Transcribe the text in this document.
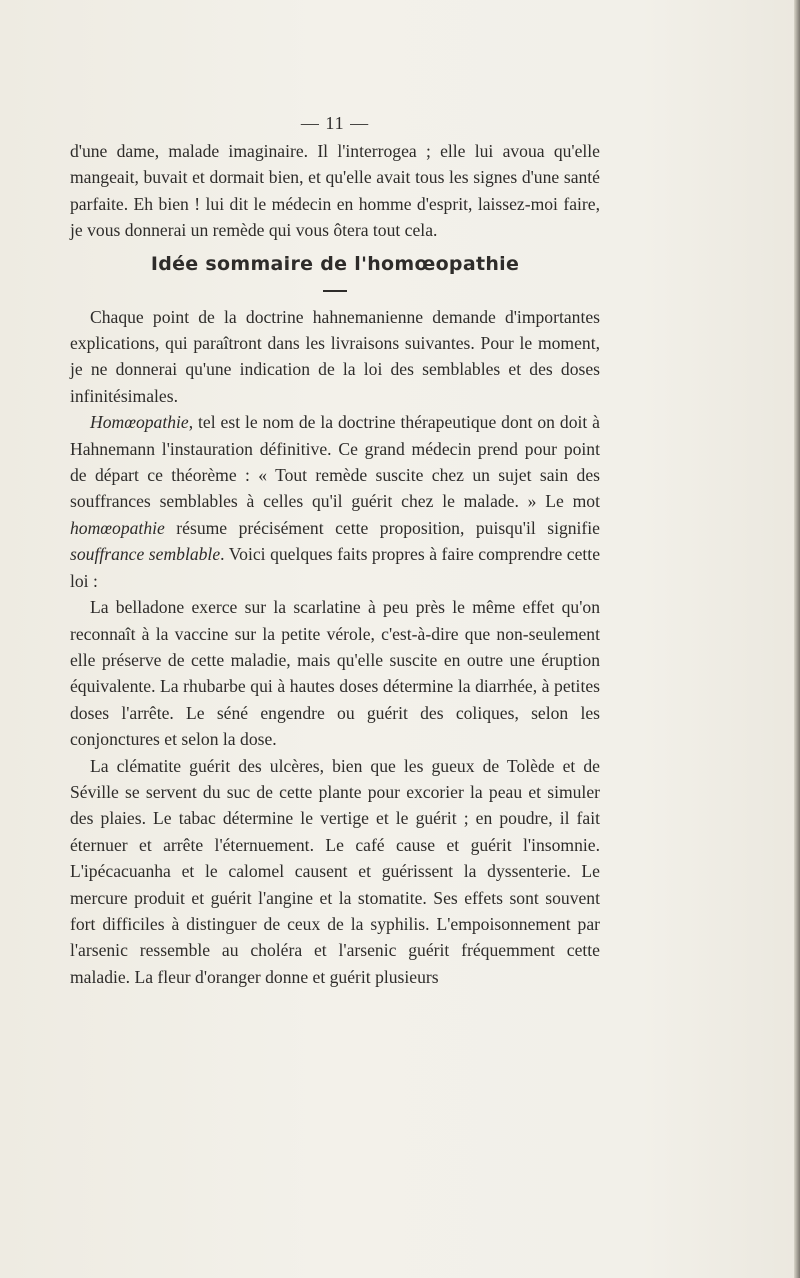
— 11 —

d'une dame, malade imaginaire. Il l'interrogea ; elle lui avoua qu'elle mangeait, buvait et dormait bien, et qu'elle avait tous les signes d'une santé parfaite. Eh bien ! lui dit le médecin en homme d'esprit, laissez-moi faire, je vous donnerai un remède qui vous ôtera tout cela.

Idée sommaire de l'homœopathie

Chaque point de la doctrine hahnemanienne demande d'importantes explications, qui paraîtront dans les livraisons suivantes. Pour le moment, je ne donnerai qu'une indication de la loi des semblables et des doses infinitésimales.

Homœopathie, tel est le nom de la doctrine thérapeutique dont on doit à Hahnemann l'instauration définitive. Ce grand médecin prend pour point de départ ce théorème : « Tout remède suscite chez un sujet sain des souffrances semblables à celles qu'il guérit chez le malade. » Le mot homœopathie résume précisément cette proposition, puisqu'il signifie souffrance semblable. Voici quelques faits propres à faire comprendre cette loi :

La belladone exerce sur la scarlatine à peu près le même effet qu'on reconnaît à la vaccine sur la petite vérole, c'est-à-dire que non-seulement elle préserve de cette maladie, mais qu'elle suscite en outre une éruption équivalente. La rhubarbe qui à hautes doses détermine la diarrhée, à petites doses l'arrête. Le séné engendre ou guérit des coliques, selon les conjonctures et selon la dose.

La clématite guérit des ulcères, bien que les gueux de Tolède et de Séville se servent du suc de cette plante pour excorier la peau et simuler des plaies. Le tabac détermine le vertige et le guérit ; en poudre, il fait éternuer et arrête l'éternuement. Le café cause et guérit l'insomnie. L'ipécacuanha et le calomel causent et guérissent la dyssenterie. Le mercure produit et guérit l'angine et la stomatite. Ses effets sont souvent fort difficiles à distinguer de ceux de la syphilis. L'empoisonnement par l'arsenic ressemble au choléra et l'arsenic guérit fréquemment cette maladie. La fleur d'oranger donne et guérit plusieurs
